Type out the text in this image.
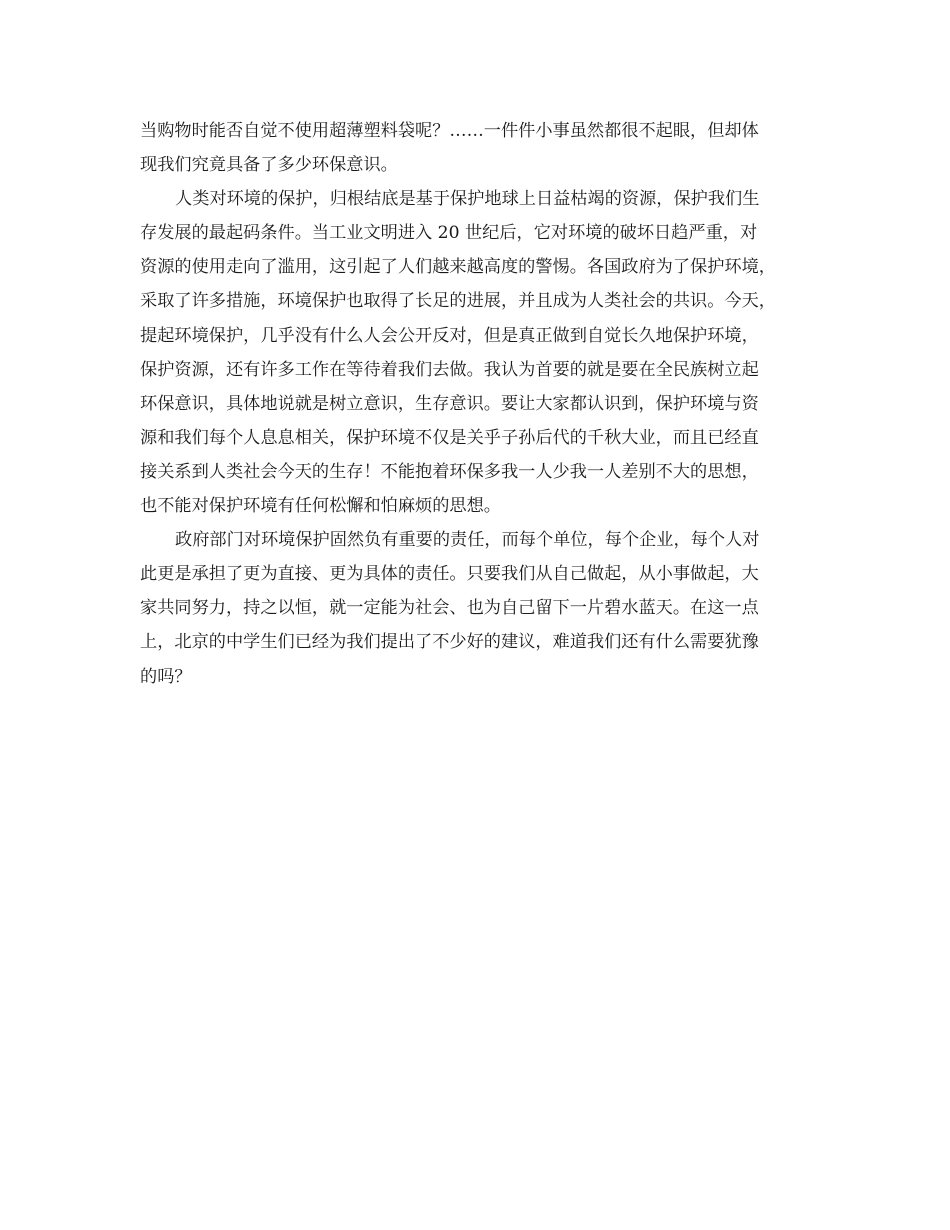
当购物时能否自觉不使用超薄塑料袋呢？……一件件小事虽然都很不起眼，但却体
现我们究竟具备了多少环保意识。
人类对环境的保护，归根结底是基于保护地球上日益枯竭的资源，保护我们生
存发展的最起码条件。当工业文明进入 20 世纪后，它对环境的破坏日趋严重，对
资源的使用走向了滥用，这引起了人们越来越高度的警惕。各国政府为了保护环境，
采取了许多措施，环境保护也取得了长足的进展，并且成为人类社会的共识。今天，
提起环境保护，几乎没有什么人会公开反对，但是真正做到自觉长久地保护环境，
保护资源，还有许多工作在等待着我们去做。我认为首要的就是要在全民族树立起
环保意识，具体地说就是树立意识，生存意识。要让大家都认识到，保护环境与资
源和我们每个人息息相关，保护环境不仅是关乎子孙后代的千秋大业，而且已经直
接关系到人类社会今天的生存！不能抱着环保多我一人少我一人差别不大的思想，
也不能对保护环境有任何松懈和怕麻烦的思想。
政府部门对环境保护固然负有重要的责任，而每个单位，每个企业，每个人对
此更是承担了更为直接、更为具体的责任。只要我们从自己做起，从小事做起，大
家共同努力，持之以恒，就一定能为社会、也为自己留下一片碧水蓝天。在这一点
上，北京的中学生们已经为我们提出了不少好的建议，难道我们还有什么需要犹豫
的吗？
